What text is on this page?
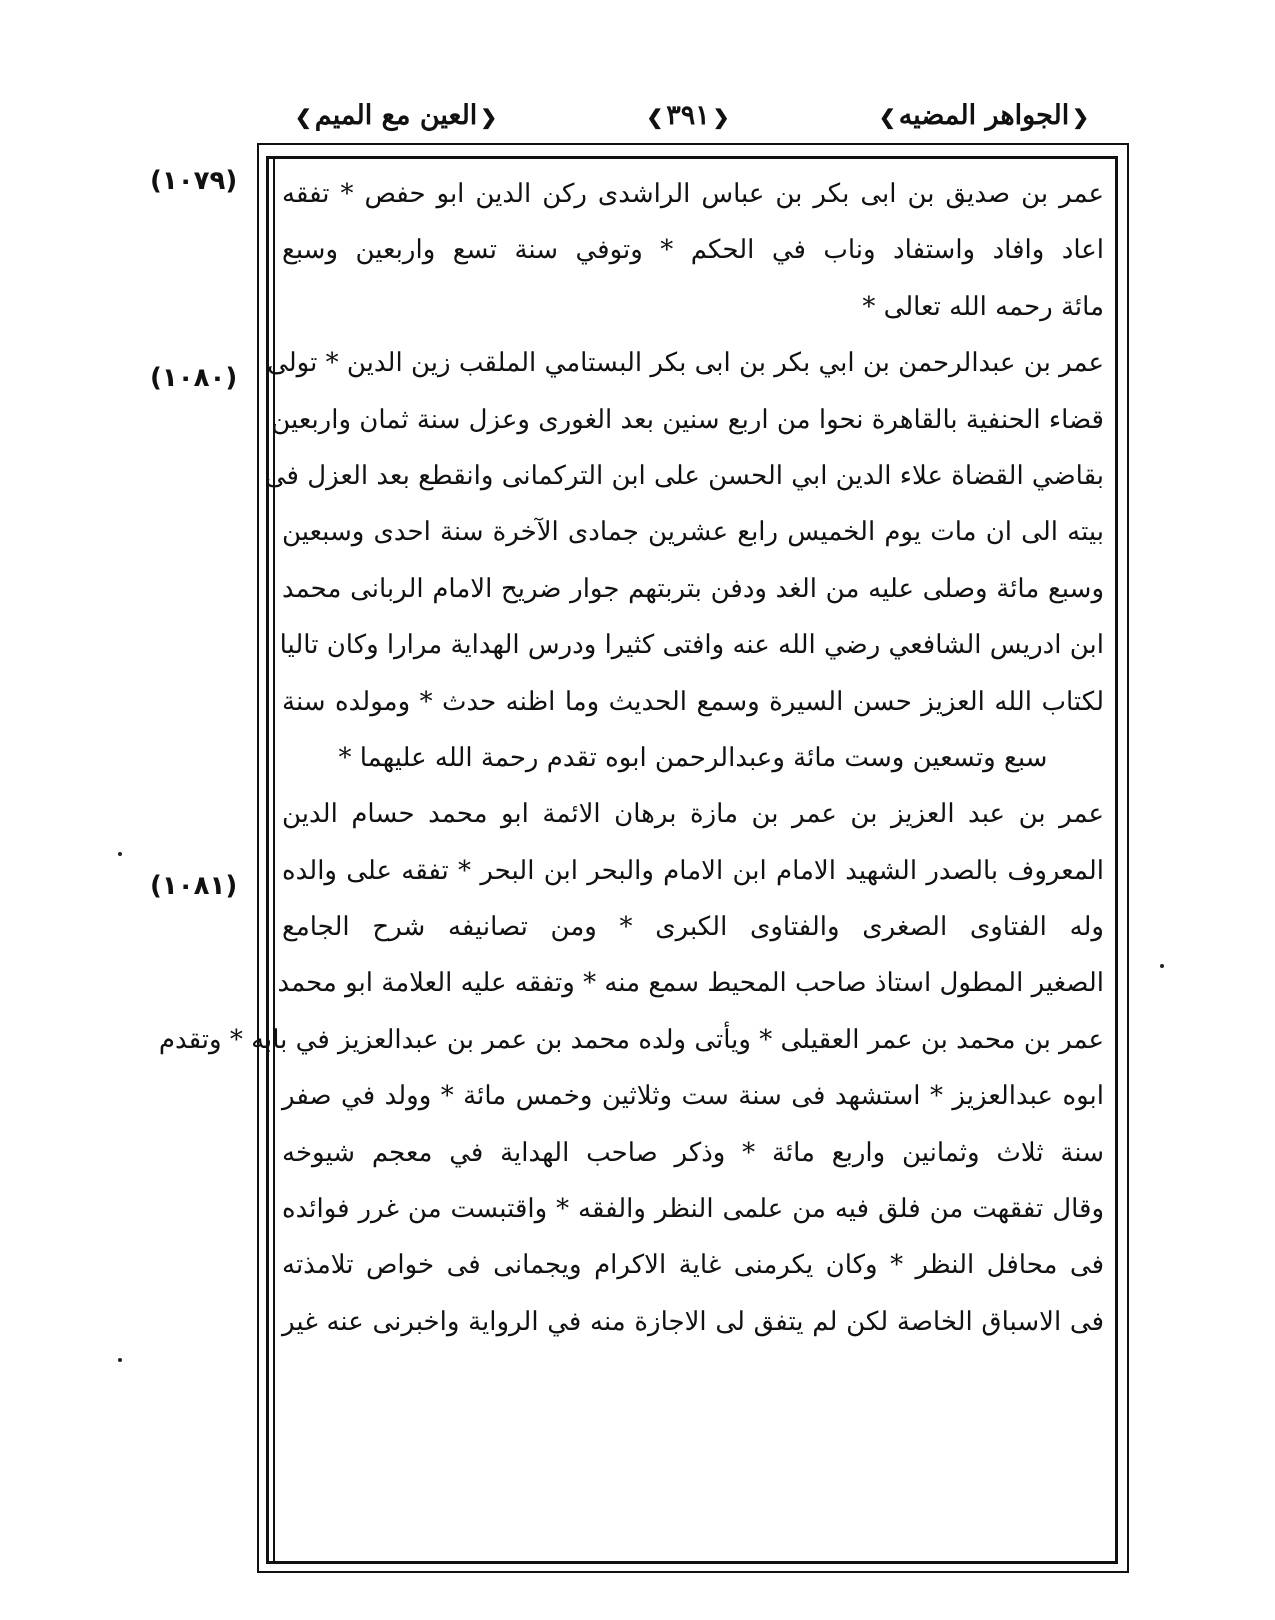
❮العين مع الميم❯	❮٣٩١❯	❮الجواهر المضيه❯
(١٠٧٩)
(١٠٨٠)
(١٠٨١)
عمر بن صديق بن ابى بكر بن عباس الراشدى ركن الدين ابو حفص * تفقه
اعاد وافاد واستفاد وناب في الحكم * وتوفي سنة تسع واربعين وسبع
مائة رحمه الله تعالى *
عمر بن عبدالرحمن بن ابي بكر بن ابى بكر البستامي الملقب زين الدين * تولى
قضاء الحنفية بالقاهرة نحوا من اربع سنين بعد الغورى وعزل سنة ثمان واربعين
بقاضي القضاة علاء الدين ابي الحسن على ابن التركمانى وانقطع بعد العزل فى
بيته الى ان مات يوم الخميس رابع عشرين جمادى الآخرة سنة احدى وسبعين
وسبع مائة وصلى عليه من الغد ودفن بتربتهم جوار ضريح الامام الربانى محمد
ابن ادريس الشافعي رضي الله عنه وافتى كثيرا ودرس الهداية مرارا وكان تاليا
لكتاب الله العزيز حسن السيرة وسمع الحديث وما اظنه حدث * ومولده سنة
سبع وتسعين وست مائة وعبدالرحمن ابوه تقدم رحمة الله عليهما *
عمر بن عبد العزيز بن عمر بن مازة برهان الائمة ابو محمد حسام الدين
المعروف بالصدر الشهيد الامام ابن الامام والبحر ابن البحر * تفقه على والده
وله الفتاوى الصغرى والفتاوى الكبرى * ومن تصانيفه شرح الجامع
الصغير المطول استاذ صاحب المحيط سمع منه * وتفقه عليه العلامة ابو محمد
عمر بن محمد بن عمر العقيلى * ويأتى ولده محمد بن عمر بن عبدالعزيز في بابه * وتقدم
ابوه عبدالعزيز * استشهد فى سنة ست وثلاثين وخمس مائة * وولد في صفر
سنة ثلاث وثمانين واربع مائة * وذكر صاحب الهداية في معجم شيوخه
وقال تفقهت من فلق فيه من علمى النظر والفقه * واقتبست من غرر فوائده
فى محافل النظر * وكان يكرمنى غاية الاكرام ويجمانى فى خواص تلامذته
فى الاسباق الخاصة لكن لم يتفق لى الاجازة منه في الرواية واخبرنى عنه غير
